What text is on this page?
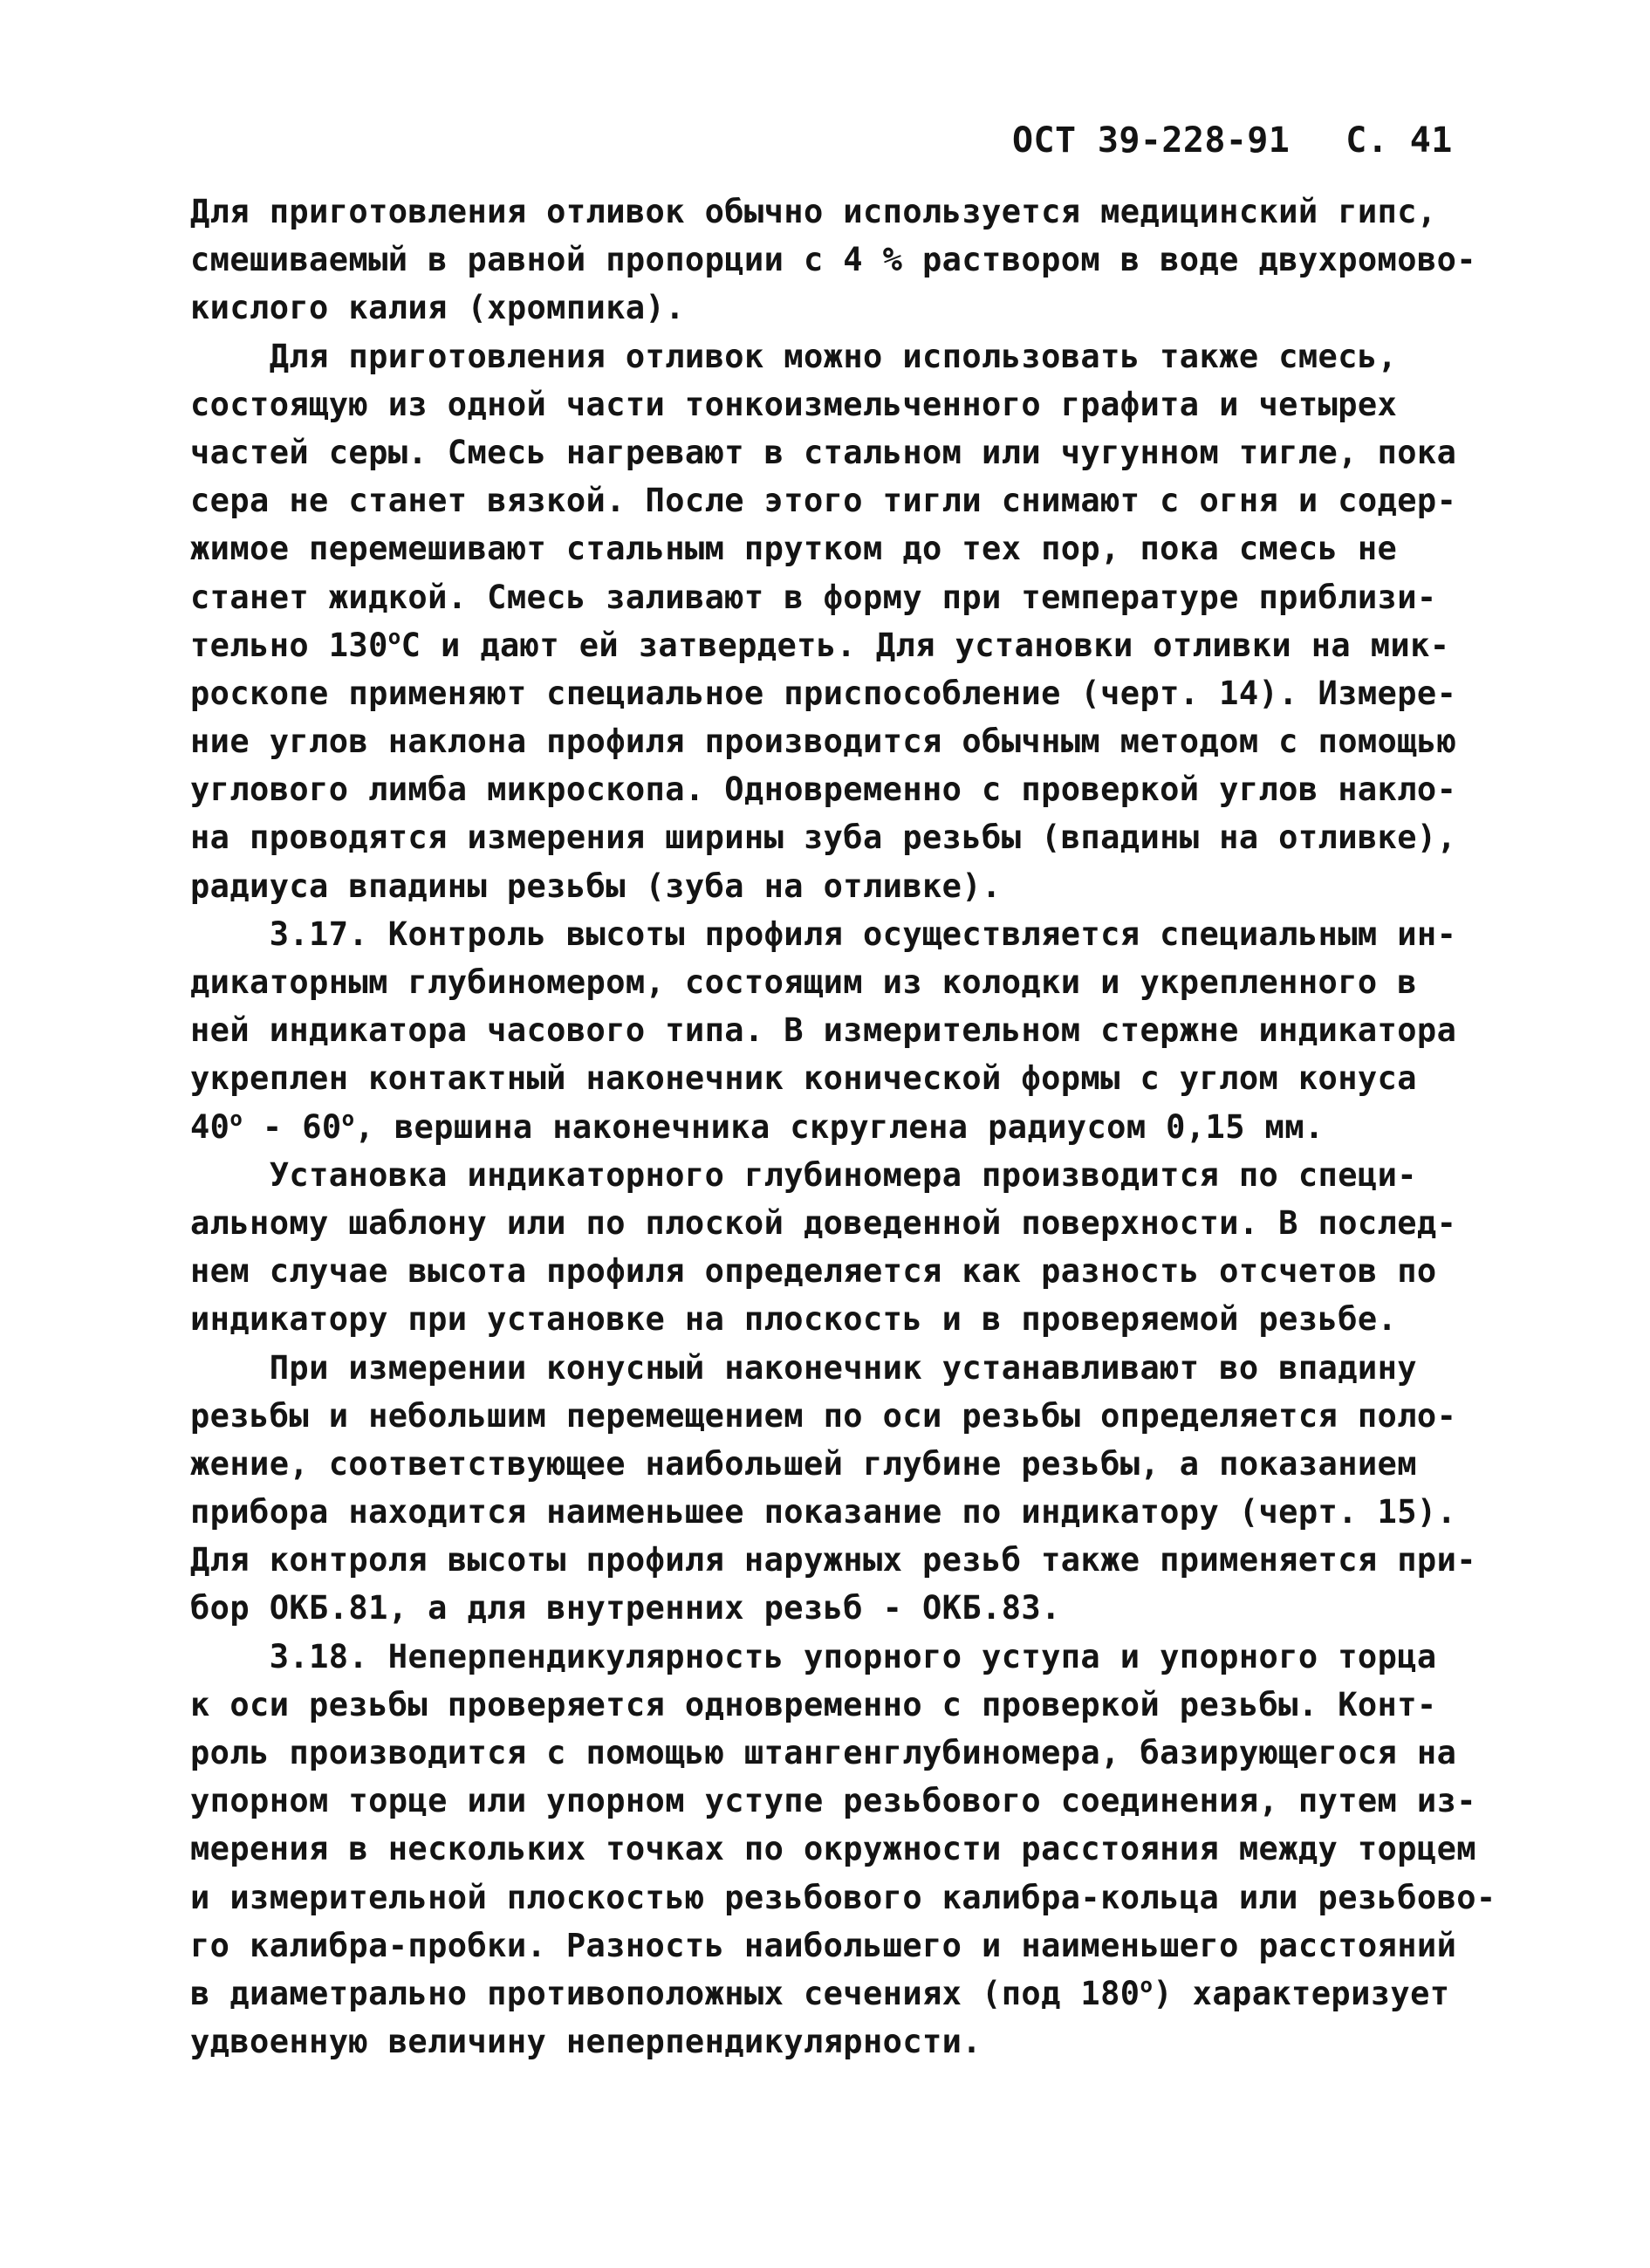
ОСТ 39-228-91 С. 41
Для приготовления отливок обычно используется медицинский гипс,
смешиваемый в равной пропорции с 4 % раствором в воде двухромово-
кислого калия (хромпика).
Для приготовления отливок можно использовать также смесь,
состоящую из одной части тонкоизмельченного графита и четырех
частей серы. Смесь нагревают в стальном или чугунном тигле, пока
сера не станет вязкой. После этого тигли снимают с огня и содер-
жимое перемешивают стальным прутком до тех пор, пока смесь не
станет жидкой. Смесь заливают в форму при температуре приблизи-
тельно $130^оС$ и дают ей затвердеть. Для установки отливки на мик-
роскопе применяют специальное приспособление (черт. 14). Измере-
ние углов наклона профиля производится обычным методом с помощью
углового лимба микроскопа. Одновременно с проверкой углов накло-
на проводятся измерения ширины зуба резьбы (впадины на отливке),
радиуса впадины резьбы (зуба на отливке).
3.17. Контроль высоты профиля осуществляется специальным ин-
дикаторным глубиномером, состоящим из колодки и укрепленного в
ней индикатора часового типа. В измерительном стержне индикатора
укреплен контактный наконечник конической формы с углом конуса
$40^о - 60^о$, вершина наконечника скруглена радиусом 0,15 мм.
Установка индикаторного глубиномера производится по специ-
альному шаблону или по плоской доведенной поверхности. В послед-
нем случае высота профиля определяется как разность отсчетов по
индикатору при установке на плоскость и в проверяемой резьбе.
При измерении конусный наконечник устанавливают во впадину
резьбы и небольшим перемещением по оси резьбы определяется поло-
жение, соответствующее наибольшей глубине резьбы, а показанием
прибора находится наименьшее показание по индикатору (черт. 15).
Для контроля высоты профиля наружных резьб также применяется при-
бор ОКБ.81, а для внутренних резьб - ОКБ.83.
3.18. Неперпендикулярность упорного уступа и упорного торца
к оси резьбы проверяется одновременно с проверкой резьбы. Конт-
роль производится с помощью штангенглубиномера, базирующегося на
упорном торце или упорном уступе резьбового соединения, путем из-
мерения в нескольких точках по окружности расстояния между торцем
и измерительной плоскостью резьбового калибра-кольца или резьбово-
го калибра-пробки. Разность наибольшего и наименьшего расстояний
в диаметрально противоположных сечениях (под $180^о$) характеризует
удвоенную величину неперпендикулярности.
